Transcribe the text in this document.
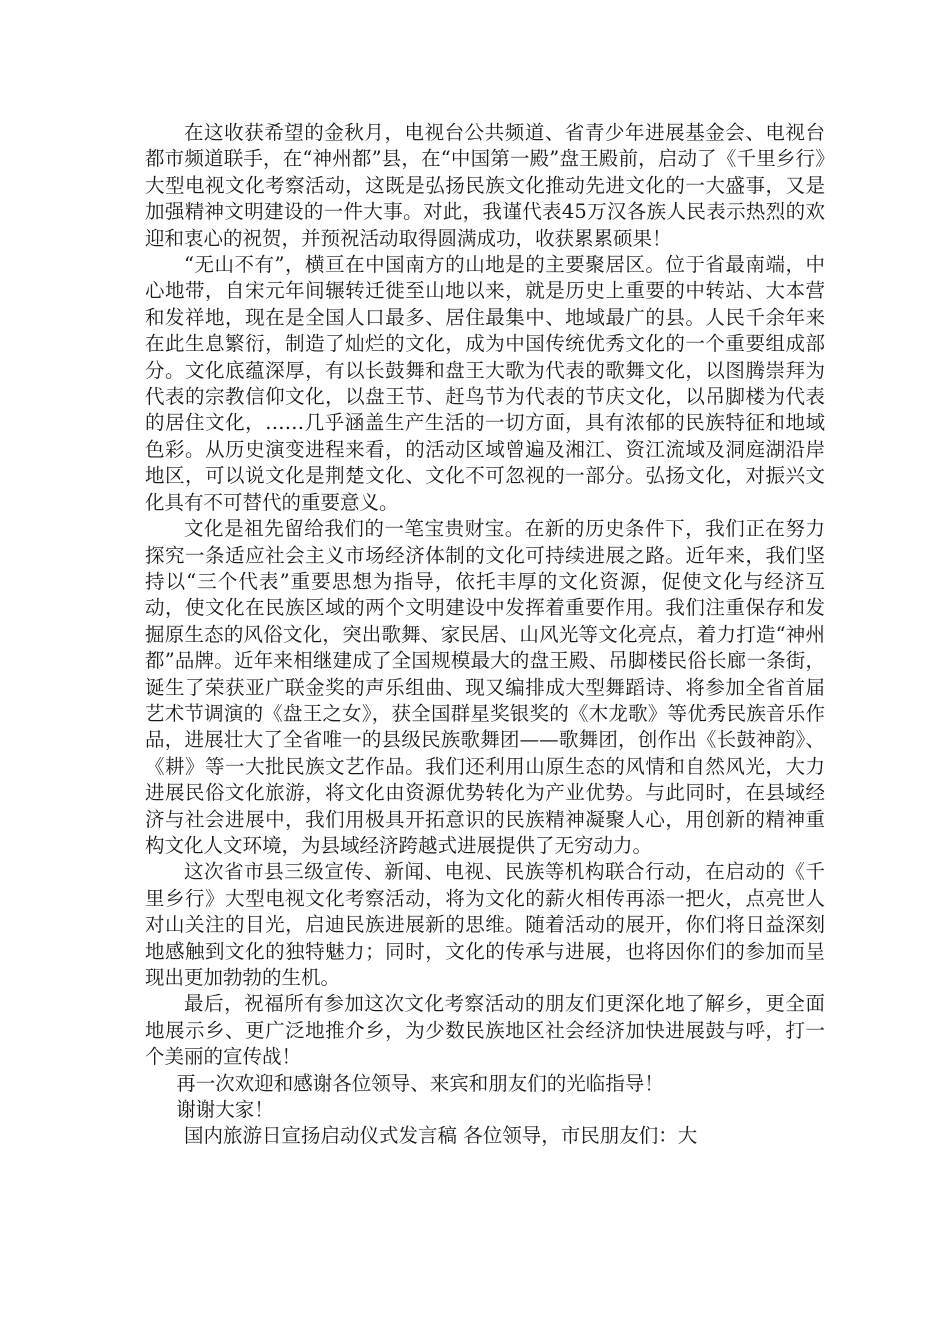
在这收获希望的金秋月，电视台公共频道、省青少年进展基金会、电视台都市频道联手，在“神州都”县，在“中国第一殿”盘王殿前，启动了《千里乡行》大型电视文化考察活动，这既是弘扬民族文化推动先进文化的一大盛事，又是加强精神文明建设的一件大事。对此，我谨代表45万汉各族人民表示热烈的欢迎和衷心的祝贺，并预祝活动取得圆满成功，收获累累硕果！

“无山不有”，横亘在中国南方的山地是的主要聚居区。位于省最南端，中心地带，自宋元年间辗转迁徙至山地以来，就是历史上重要的中转站、大本营和发祥地，现在是全国人口最多、居住最集中、地域最广的县。人民千余年来在此生息繁衍，制造了灿烂的文化，成为中国传统优秀文化的一个重要组成部分。文化底蕴深厚，有以长鼓舞和盘王大歌为代表的歌舞文化，以图腾崇拜为代表的宗教信仰文化，以盘王节、赶鸟节为代表的节庆文化，以吊脚楼为代表的居住文化，……几乎涵盖生产生活的一切方面，具有浓郁的民族特征和地域色彩。从历史演变进程来看，的活动区域曾遍及湘江、资江流域及洞庭湖沿岸地区，可以说文化是荆楚文化、文化不可忽视的一部分。弘扬文化，对振兴文化具有不可替代的重要意义。

文化是祖先留给我们的一笔宝贵财宝。在新的历史条件下，我们正在努力探究一条适应社会主义市场经济体制的文化可持续进展之路。近年来，我们坚持以“三个代表”重要思想为指导，依托丰厚的文化资源，促使文化与经济互动，使文化在民族区域的两个文明建设中发挥着重要作用。我们注重保存和发掘原生态的风俗文化，突出歌舞、家民居、山风光等文化亮点，着力打造“神州都”品牌。近年来相继建成了全国规模最大的盘王殿、吊脚楼民俗长廊一条街，诞生了荣获亚广联金奖的声乐组曲、现又编排成大型舞蹈诗、将参加全省首届艺术节调演的《盘王之女》，获全国群星奖银奖的《木龙歌》等优秀民族音乐作品，进展壮大了全省唯一的县级民族歌舞团——歌舞团，创作出《长鼓神韵》、《耕》等一大批民族文艺作品。我们还利用山原生态的风情和自然风光，大力进展民俗文化旅游，将文化由资源优势转化为产业优势。与此同时，在县域经济与社会进展中，我们用极具开拓意识的民族精神凝聚人心，用创新的精神重构文化人文环境，为县域经济跨越式进展提供了无穷动力。

这次省市县三级宣传、新闻、电视、民族等机构联合行动，在启动的《千里乡行》大型电视文化考察活动，将为文化的薪火相传再添一把火，点亮世人对山关注的目光，启迪民族进展新的思维。随着活动的展开，你们将日益深刻地感触到文化的独特魅力；同时，文化的传承与进展，也将因你们的参加而呈现出更加勃勃的生机。

最后，祝福所有参加这次文化考察活动的朋友们更深化地了解乡，更全面地展示乡、更广泛地推介乡，为少数民族地区社会经济加快进展鼓与呼，打一个美丽的宣传战！

再一次欢迎和感谢各位领导、来宾和朋友们的光临指导！

谢谢大家！

国内旅游日宣扬启动仪式发言稿 各位领导，市民朋友们：大
